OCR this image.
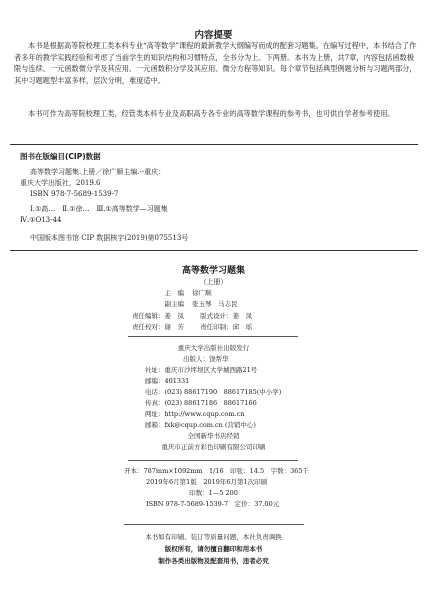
内容提要
本书是根据高等院校理工类本科专业“高等数学”课程的最新教学大纲编写而成的配套习题集。在编写过程中，本书结合了作者多年的教学实践经验和考虑了当前学生的知识结构和习惯特点，全书分为上、下两册。本书为上册，共7章，内容包括函数极限与连续、一元函数微分学及其应用、一元函数积分学及其应用、微分方程等知识。每个章节包括典型例题分析与习题两部分，其中习题题型丰富多样，层次分明，难度适中。
本书可作为高等院校理工类、经管类本科专业及高职高专各专业的高等数学课程的参考书，也可供自学者参考使用。
图书在版编目(CIP)数据
高等数学习题集.上册／徐广顺主编.--重庆：
重庆大学出版社，2019.6
ISBN 978-7-5689-1539-7
Ⅰ.①高…　Ⅱ.①徐…　Ⅲ.①高等数学—习题集
Ⅳ.①O13-44
中国版本图书馆 CIP 数据核字(2019)第075513号
高等数学习题集
（上册）
主　编 徐广顺
副主编 张玉琴　马志民
责任编辑：姜　凤 版式设计：姜　凤
责任校对：谢　芳 责任印制：邱　瑶
重庆大学出版社出版发行
出版人：饶帮华
社址：重庆市沙坪坝区大学城西路21号
邮编：401331
电话：(023) 88617190　88617185(中小学)
传真：(023) 88617186　88617166
网址：http://www.cqup.com.cn
邮箱：fxk@cqup.com.cn (营销中心)
全国新华书店经销
重庆市正前方彩色印刷有限公司印刷
开本：787mm×1092mm　1/16　印张：14.5　字数：365千
2019年6月第1版　2019年6月第1次印刷
印数：1—5 200
ISBN 978-7-5689-1539-7　定价：37.00元
本书如有印刷、装订等质量问题，本社负责调换
版权所有，请勿擅自翻印和用本书
制作各类出版物及配套用书，违者必究
